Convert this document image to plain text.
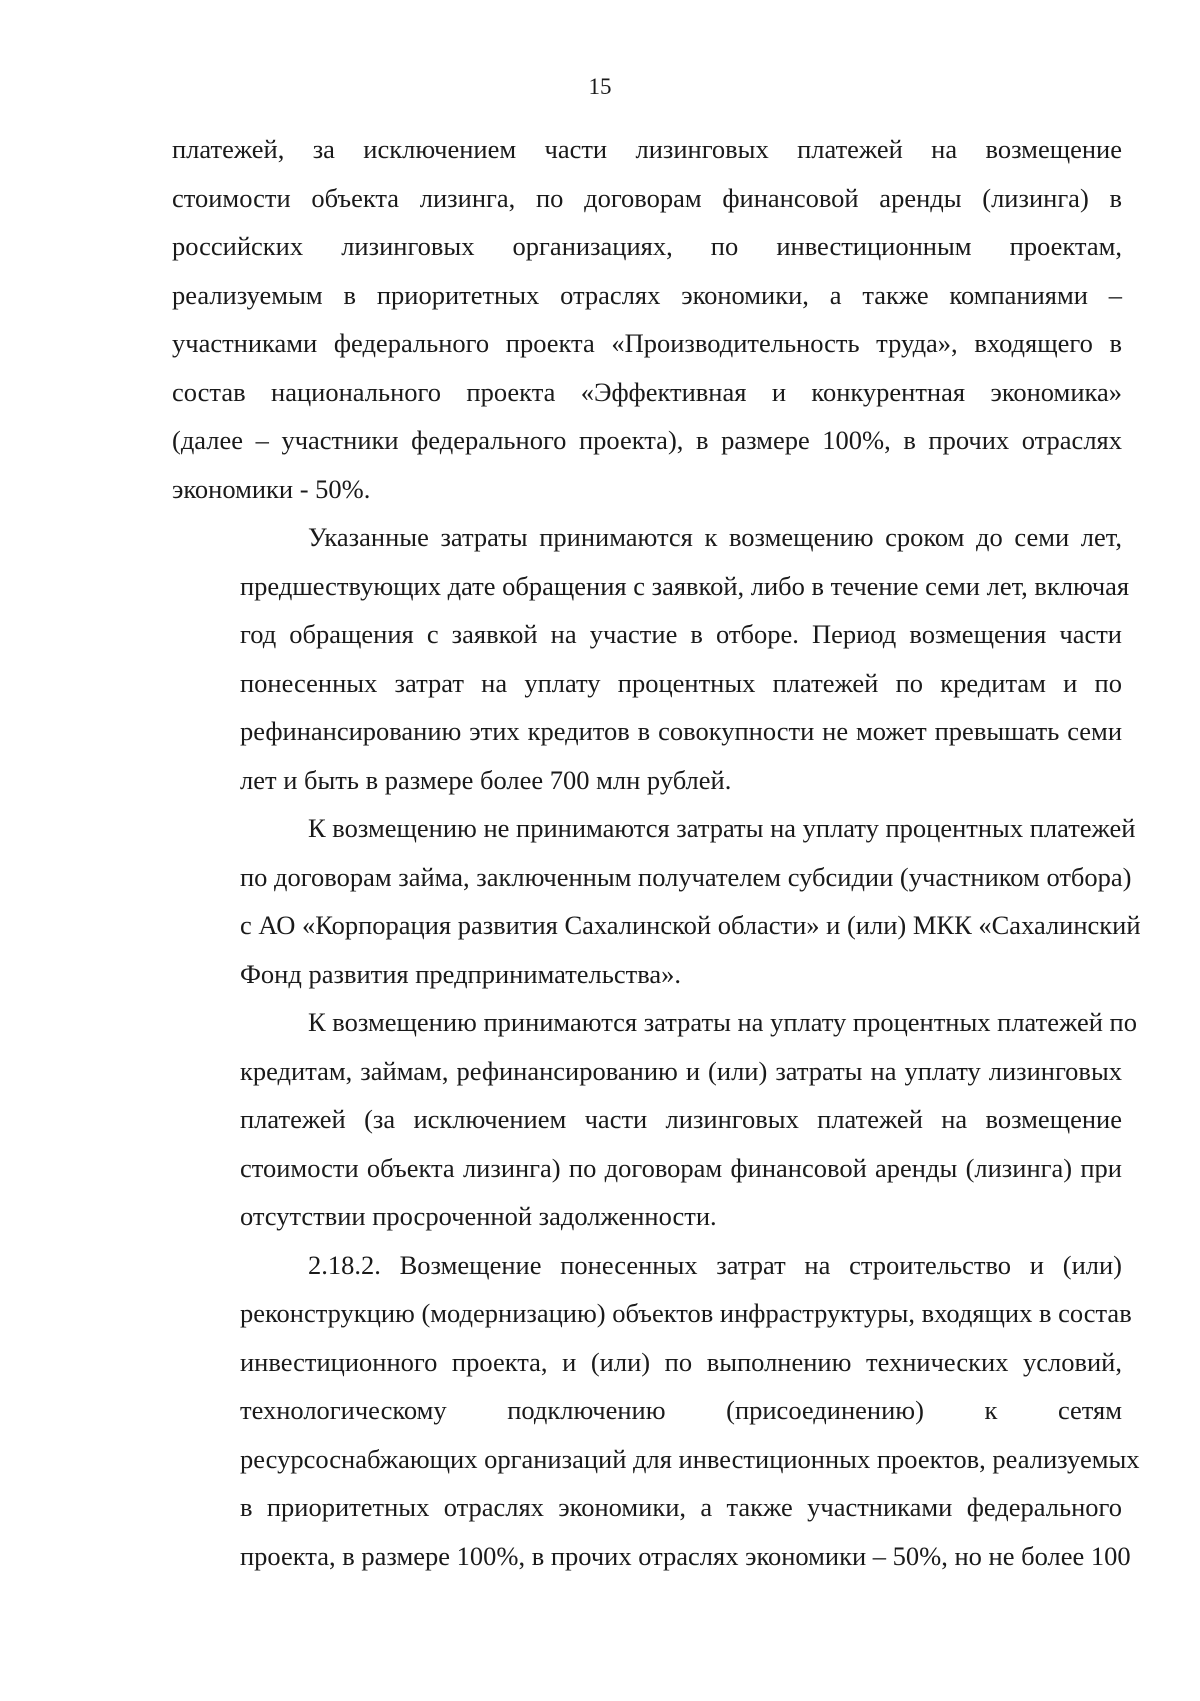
15
платежей, за исключением части лизинговых платежей на возмещение
стоимости объекта лизинга, по договорам финансовой аренды (лизинга) в
российских лизинговых организациях, по инвестиционным проектам,
реализуемым в приоритетных отраслях экономики, а также компаниями –
участниками федерального проекта «Производительность труда», входящего в
состав национального проекта «Эффективная и конкурентная экономика»
(далее – участники федерального проекта), в размере 100%, в прочих отраслях
экономики - 50%.
Указанные затраты принимаются к возмещению сроком до семи лет,
предшествующих дате обращения с заявкой, либо в течение семи лет, включая
год обращения с заявкой на участие в отборе. Период возмещения части
понесенных затрат на уплату процентных платежей по кредитам и по
рефинансированию этих кредитов в совокупности не может превышать семи
лет и быть в размере более 700 млн рублей.
К возмещению не принимаются затраты на уплату процентных платежей
по договорам займа, заключенным получателем субсидии (участником отбора)
с АО «Корпорация развития Сахалинской области» и (или) МКК «Сахалинский
Фонд развития предпринимательства».
К возмещению принимаются затраты на уплату процентных платежей по
кредитам, займам, рефинансированию и (или) затраты на уплату лизинговых
платежей (за исключением части лизинговых платежей на возмещение
стоимости объекта лизинга) по договорам финансовой аренды (лизинга) при
отсутствии просроченной задолженности.
2.18.2. Возмещение понесенных затрат на строительство и (или)
реконструкцию (модернизацию) объектов инфраструктуры, входящих в состав
инвестиционного проекта, и (или) по выполнению технических условий,
технологическому подключению (присоединению) к сетям
ресурсоснабжающих организаций для инвестиционных проектов, реализуемых
в приоритетных отраслях экономики, а также участниками федерального
проекта, в размере 100%, в прочих отраслях экономики – 50%, но не более 100
